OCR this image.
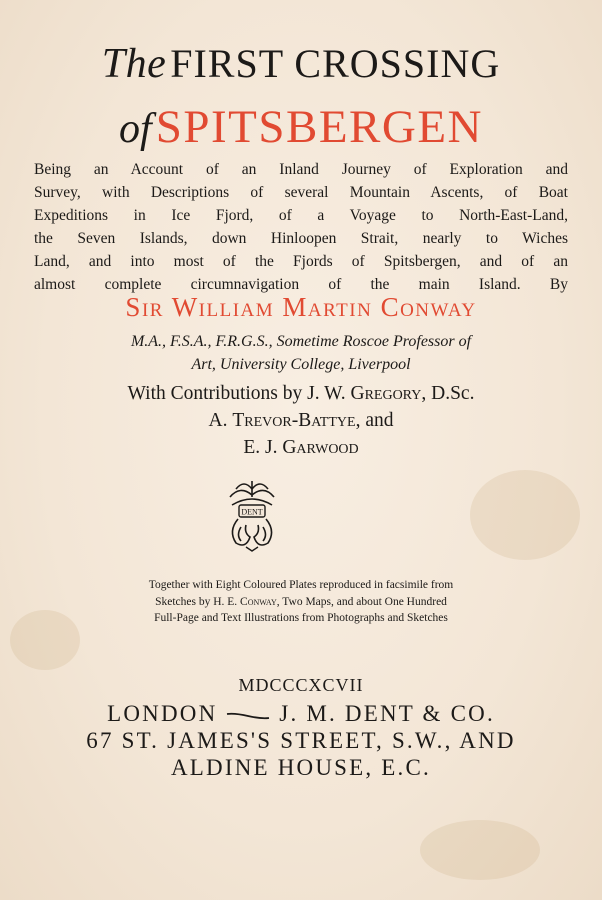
The FIRST CROSSING
of SPITSBERGEN
Being an Account of an Inland Journey of Exploration and
Survey, with Descriptions of several Mountain Ascents, of Boat
Expeditions in Ice Fjord, of a Voyage to North-East-Land,
the Seven Islands, down Hinloopen Strait, nearly to Wiches
Land, and into most of the Fjords of Spitsbergen, and of an
almost complete circumnavigation of the main Island. By
Sir William Martin Conway
M.A., F.S.A., F.R.G.S., Sometime Roscoe Professor of
Art, University College, Liverpool
With Contributions by J. W. Gregory, D.Sc.
A. Trevor-Battye, and
E. J. Garwood
DENT
Together with Eight Coloured Plates reproduced in facsimile from
Sketches by H. E. Conway, Two Maps, and about One Hundred
Full-Page and Text Illustrations from Photographs and Sketches
MDCCCXCVII
LONDON	J. M. DENT & CO.
67 ST. JAMES'S STREET, S.W., AND
ALDINE HOUSE, E.C.
